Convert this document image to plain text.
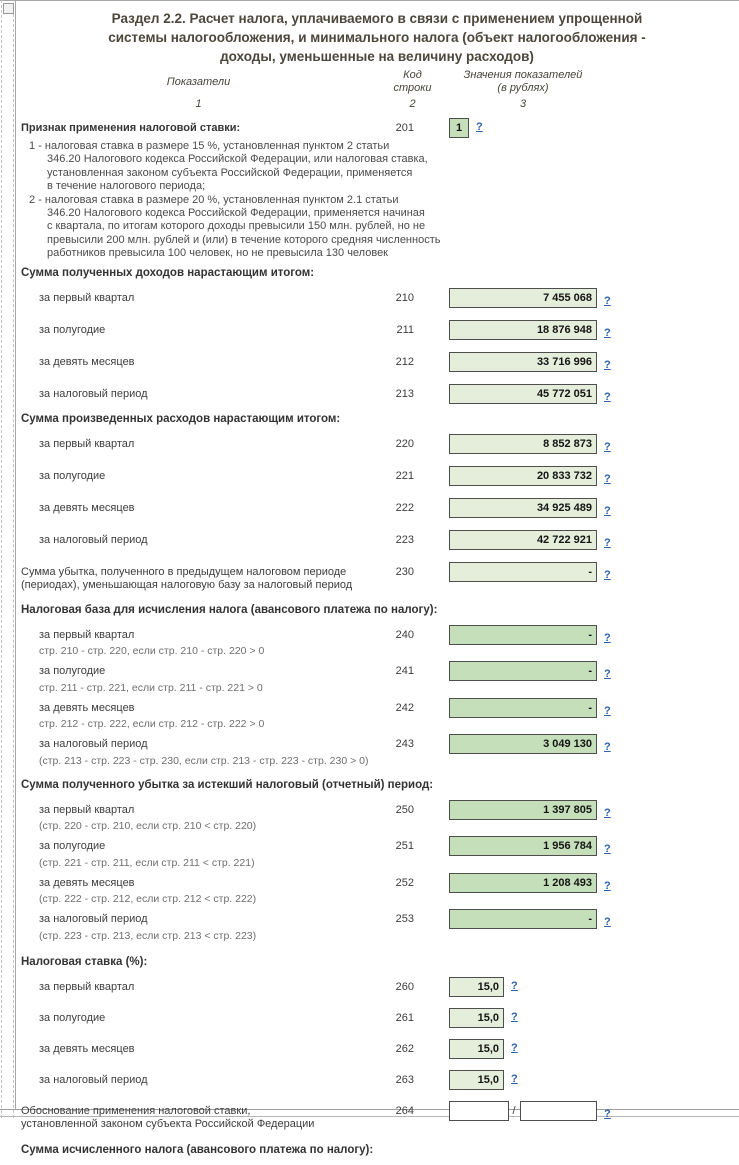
Раздел 2.2. Расчет налога, уплачиваемого в связи с применением упрощенной
системы налогообложения, и минимального налога (объект налогообложения -
доходы, уменьшенные на величину расходов)
Показатели
Код
строки
Значения показателей
(в рублях)
1	2	3
Признак применения налоговой ставки:	201	1	?
1 - налоговая ставка в размере 15 %, установленная пунктом 2 статьи
346.20 Налогового кодекса Российской Федерации, или налоговая ставка,
установленная законом субъекта Российской Федерации, применяется
в течение налогового периода;
2 - налоговая ставка в размере 20 %, установленная пунктом 2.1 статьи
346.20 Налогового кодекса Российской Федерации, применяется начиная
с квартала, по итогам которого доходы превысили 150 млн. рублей, но не
превысили 200 млн. рублей и (или) в течение которого средняя численность
работников превысила 100 человек, но не превысила 130 человек
Сумма полученных доходов нарастающим итогом:
за первый квартал	210	7 455 068	?
за полугодие	211	18 876 948	?
за девять месяцев	212	33 716 996	?
за налоговый период	213	45 772 051	?
Сумма произведенных расходов нарастающим итогом:
за первый квартал	220	8 852 873	?
за полугодие	221	20 833 732	?
за девять месяцев	222	34 925 489	?
за налоговый период	223	42 722 921	?
Сумма убытка, полученного в предыдущем налоговом периоде
(периодах), уменьшающая налоговую базу за налоговый период
230	-	?
Налоговая база для исчисления налога (авансового платежа по налогу):
за первый квартал
стр. 210 - стр. 220, если стр. 210 - стр. 220 > 0
240	-	?
за полугодие
стр. 211 - стр. 221, если стр. 211 - стр. 221 > 0
241	-	?
за девять месяцев
стр. 212 - стр. 222, если стр. 212 - стр. 222 > 0
242	-	?
за налоговый период
(стр. 213 - стр. 223 - стр. 230, если стр. 213 - стр. 223 - стр. 230 > 0)
243	3 049 130	?
Сумма полученного убытка за истекший налоговый (отчетный) период:
за первый квартал
(стр. 220 - стр. 210, если стр. 210 < стр. 220)
250	1 397 805	?
за полугодие
(стр. 221 - стр. 211, если стр. 211 < стр. 221)
251	1 956 784	?
за девять месяцев
(стр. 222 - стр. 212, если стр. 212 < стр. 222)
252	1 208 493	?
за налоговый период
(стр. 223 - стр. 213, если стр. 213 < стр. 223)
253	-	?
Налоговая ставка (%):
за первый квартал	260	15,0	?
за полугодие	261	15,0	?
за девять месяцев	262	15,0	?
за налоговый период	263	15,0	?
Обоснование применения налоговой ставки,
установленной законом субъекта Российской Федерации
264	/	?
Сумма исчисленного налога (авансового платежа по налогу):
